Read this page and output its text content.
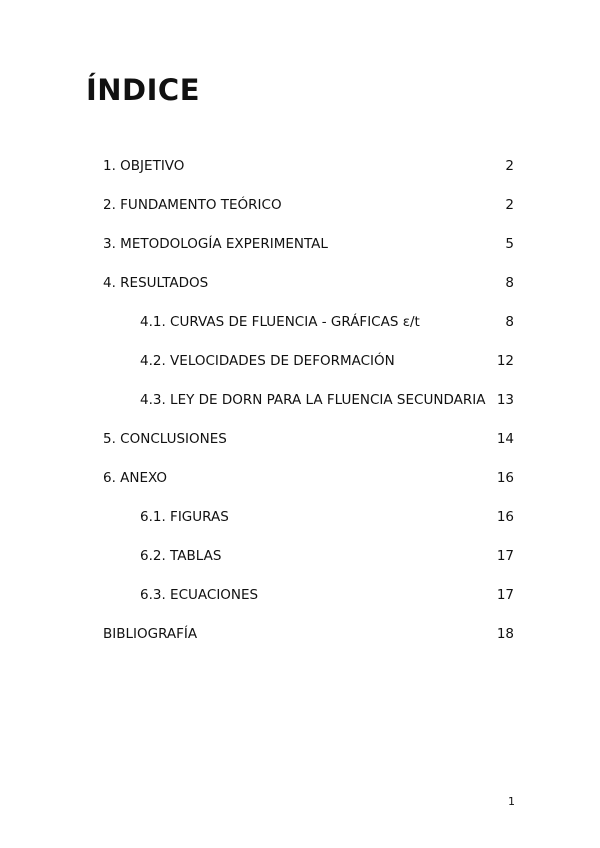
ÍNDICE
1. OBJETIVO	2
2. FUNDAMENTO TEÓRICO	2
3. METODOLOGÍA EXPERIMENTAL	5
4. RESULTADOS	8
4.1. CURVAS DE FLUENCIA - GRÁFICAS ε/t	8
4.2. VELOCIDADES DE DEFORMACIÓN	12
4.3. LEY DE DORN PARA LA FLUENCIA SECUNDARIA 13
5. CONCLUSIONES	14
6. ANEXO	16
6.1. FIGURAS	16
6.2. TABLAS	17
6.3. ECUACIONES	17
BIBLIOGRAFÍA	18
1
